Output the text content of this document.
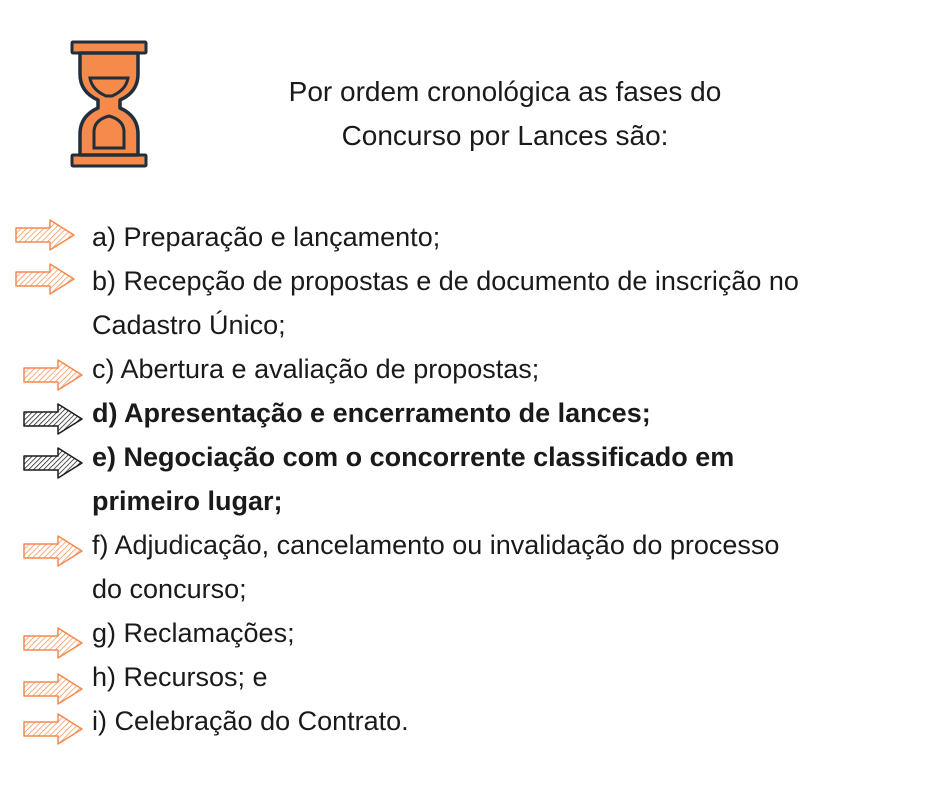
Por ordem cronológica as fases do
Concurso por Lances são:
a) Preparação e lançamento;
b) Recepção de propostas e de documento de inscrição no
Cadastro Único;
c) Abertura e avaliação de propostas;
d) Apresentação e encerramento de lances;
e) Negociação com o concorrente classificado em
primeiro lugar;
f) Adjudicação, cancelamento ou invalidação do processo
do concurso;
g) Reclamações;
h) Recursos; e
i) Celebração do Contrato.
